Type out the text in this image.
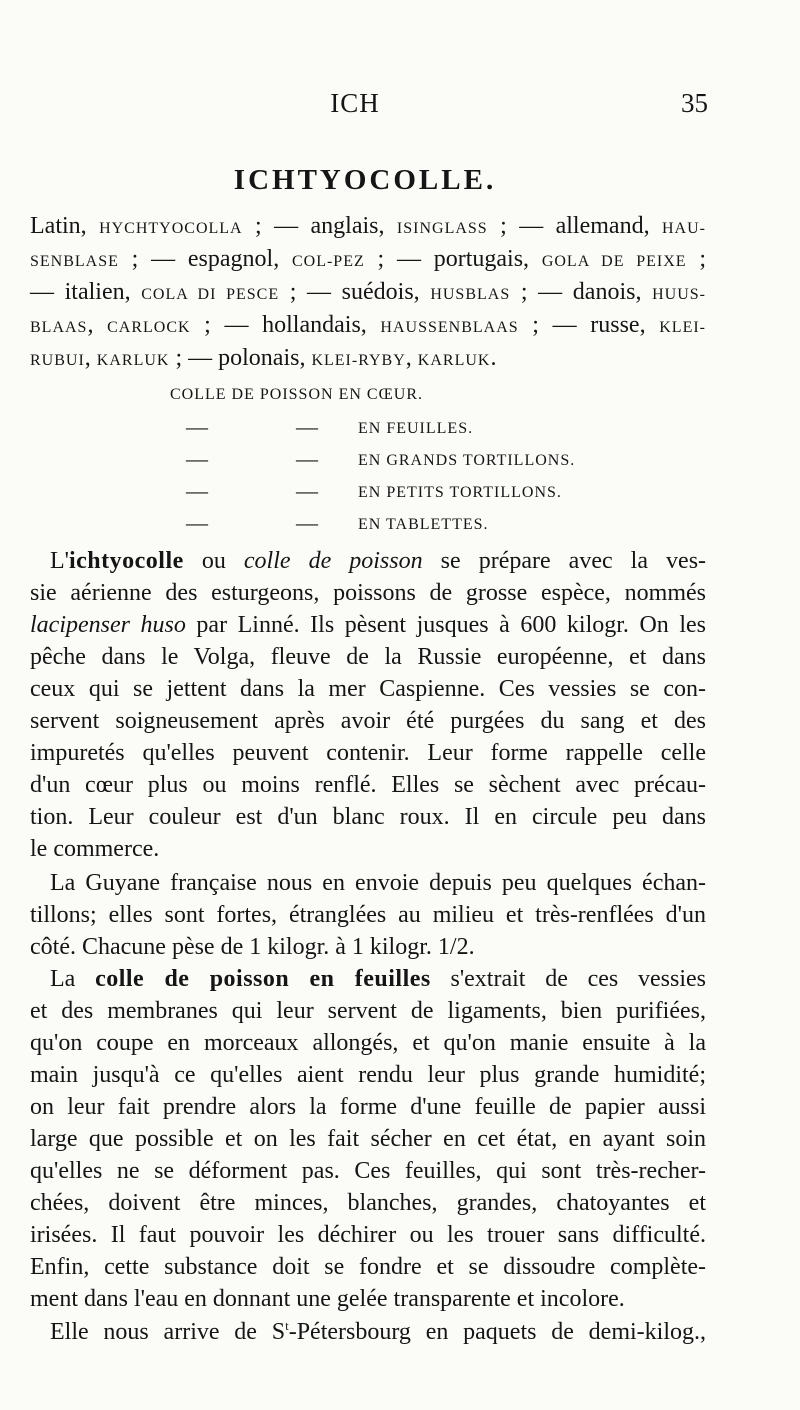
ICH	35
ICHTYOCOLLE.
Latin, HYCHTYOCOLLA ; — anglais, ISINGLASS ; — allemand, HAU-
SENBLASE ; — espagnol, COL-PEZ ; — portugais, GOLA DE PEIXE ;
— italien, COLA DI PESCE ; — suédois, HUSBLAS ; — danois, HUUS-
BLAAS, CARLOCK ; — hollandais, HAUSSENBLAAS ; — russe, KLEI-
RUBUI, KARLUK ; — polonais, KLEI-RYBY, KARLUK.
COLLE DE POISSON EN CŒUR.
—	—	EN FEUILLES.
—	—	EN GRANDS TORTILLONS.
—	—	EN PETITS TORTILLONS.
—	—	EN TABLETTES.
L'ichtyocolle ou colle de poisson se prépare avec la ves-
sie aérienne des esturgeons, poissons de grosse espèce, nommés
lacipenser huso par Linné. Ils pèsent jusques à 600 kilogr. On les
pêche dans le Volga, fleuve de la Russie européenne, et dans
ceux qui se jettent dans la mer Caspienne. Ces vessies se con-
servent soigneusement après avoir été purgées du sang et des
impuretés qu'elles peuvent contenir. Leur forme rappelle celle
d'un cœur plus ou moins renflé. Elles se sèchent avec précau-
tion. Leur couleur est d'un blanc roux. Il en circule peu dans
le commerce.
La Guyane française nous en envoie depuis peu quelques échan-
tillons; elles sont fortes, étranglées au milieu et très-renflées d'un
côté. Chacune pèse de 1 kilogr. à 1 kilogr. 1/2.
La colle de poisson en feuilles s'extrait de ces vessies
et des membranes qui leur servent de ligaments, bien purifiées,
qu'on coupe en morceaux allongés, et qu'on manie ensuite à la
main jusqu'à ce qu'elles aient rendu leur plus grande humidité;
on leur fait prendre alors la forme d'une feuille de papier aussi
large que possible et on les fait sécher en cet état, en ayant soin
qu'elles ne se déforment pas. Ces feuilles, qui sont très-recher-
chées, doivent être minces, blanches, grandes, chatoyantes et
irisées. Il faut pouvoir les déchirer ou les trouer sans difficulté.
Enfin, cette substance doit se fondre et se dissoudre complète-
ment dans l'eau en donnant une gelée transparente et incolore.
Elle nous arrive de $S^t$-Pétersbourg en paquets de demi-kilog.,
